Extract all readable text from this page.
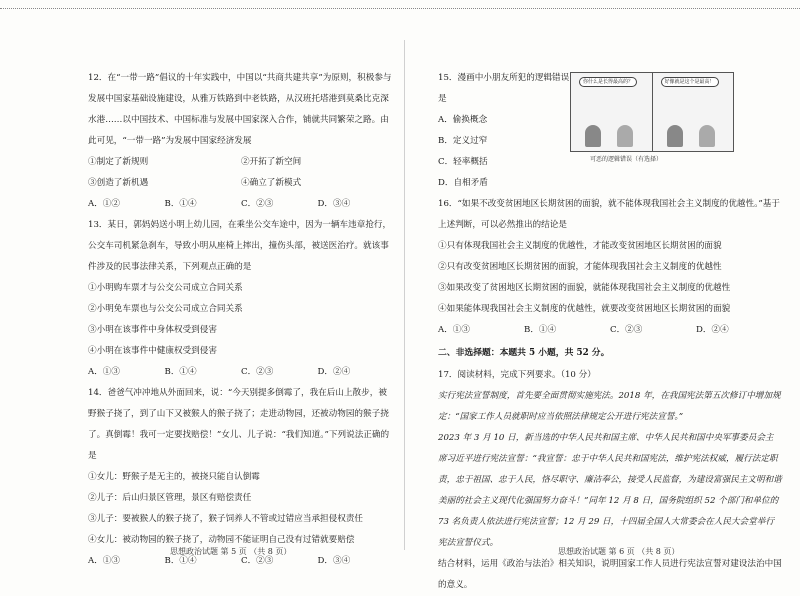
12．在“一带一路”倡议的十年实践中，中国以“共商共建共享”为原则，积极参与发展中国家基础设施建设，从雅万铁路到中老铁路，从汉班托塔港到莫桑比克深水港……以中国技术、中国标准与发展中国家深入合作，铺就共同繁荣之路。由此可见，“一带一路”为发展中国家经济发展

①制定了新规则	②开拓了新空间
③创造了新机遇	④确立了新模式
A．①②	B．①④	C．②③	D．③④

13．某日，郭妈妈送小明上幼儿园，在乘坐公交车途中，因为一辆车违章抢行，公交车司机紧急刹车，导致小明从座椅上摔出，撞伤头部，被送医治疗。就该事件涉及的民事法律关系，下列观点正确的是

①小明购车票才与公交公司成立合同关系

②小明免车票也与公交公司成立合同关系

③小明在该事件中身体权受到侵害

④小明在该事件中健康权受到侵害

A．①③	B．①④	C．②③	D．②④

14．爸爸气冲冲地从外面回来，说：“今天别提多倒霉了，我在后山上散步，被野猴子挠了，到了山下又被猴人的猴子挠了；走进动物园，还被动物园的猴子挠了。真倒霉！我可一定要找赔偿！”女儿、儿子说：“我们知道。”下列说法正确的是

①女儿：野猴子是无主的，被挠只能自认倒霉

②儿子：后山归景区管理，景区有赔偿责任

③儿子：要被猴人的猴子挠了，猴子饲养人不管或过错应当承担侵权责任

④女儿：被动物园的猴子挠了，动物园不能证明自己没有过错就要赔偿

A．①③	B．①④	C．②③	D．③④
思想政治试题 第 5 页 （共 8 页）

15．漫画中小朋友所犯的逻辑错误是

A．偷换概念

B．定义过窄

C．轻率概括

D．自相矛盾

16．“如果不改变贫困地区长期贫困的面貌，就不能体现我国社会主义制度的优越性。”基于上述判断，可以必然推出的结论是

①只有体现我国社会主义制度的优越性，才能改变贫困地区长期贫困的面貌

②只有改变贫困地区长期贫困的面貌，才能体现我国社会主义制度的优越性

③如果改变了贫困地区长期贫困的面貌，就能体现我国社会主义制度的优越性

④如果能体现我国社会主义制度的优越性，就要改变贫困地区长期贫困的面貌

A．①③	B．①④	C．②③	D．②④
二、非选择题：本题共 5 小题，共 52 分。

17．阅读材料，完成下列要求。（10 分）

实行宪法宣誓制度，首先要全面贯彻实施宪法。2018 年，在我国宪法第五次修订中增加规定：“国家工作人员就职时应当依照法律规定公开进行宪法宣誓。”

2023 年 3 月 10 日，新当选的中华人民共和国主席、中华人民共和国中央军事委员会主席习近平进行宪法宣誓：“我宣誓：忠于中华人民共和国宪法，维护宪法权威，履行法定职责，忠于祖国、忠于人民，恪尽职守、廉洁奉公，接受人民监督，为建设富强民主文明和谐美丽的社会主义现代化强国努力奋斗！”同年 12 月 8 日，国务院组织 52 个部门和单位的 73 名负责人依法进行宪法宣誓；12 月 29 日，十四届全国人大常委会在人民大会堂举行宪法宣誓仪式。

结合材料，运用《政治与法治》相关知识，说明国家工作人员进行宪法宣誓对建设法治中国的意义。

思想政治试题 第 6 页 （共 8 页）
你什么是长得最高的？	好像就是这个是最高！
可恶的逻辑错误（有选择）
